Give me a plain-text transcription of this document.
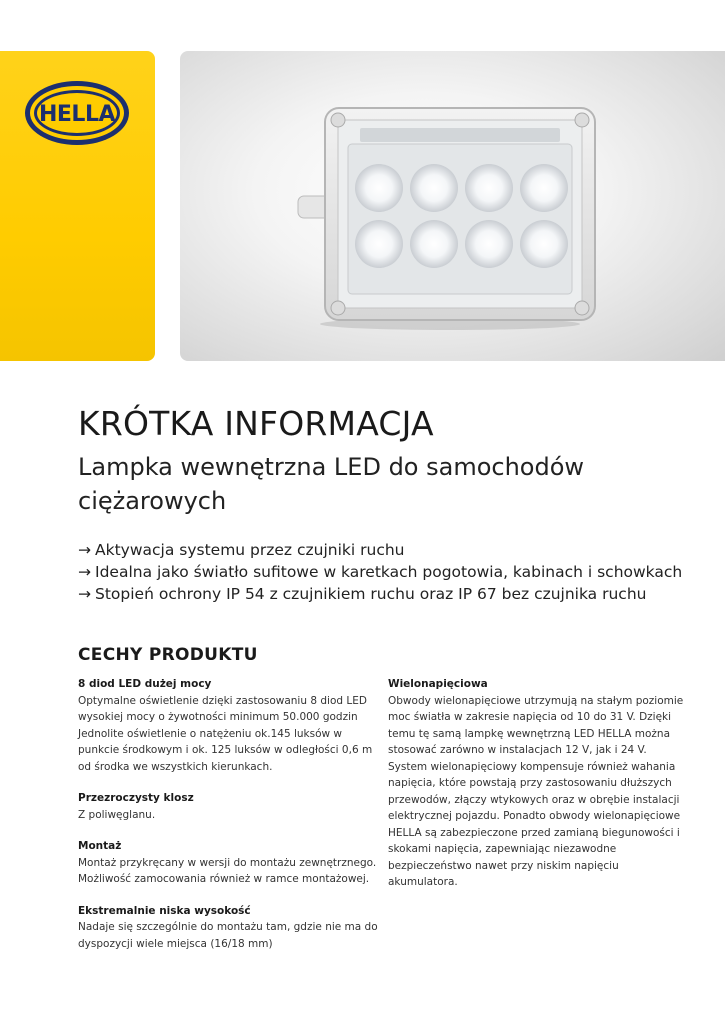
HELLA
KRÓTKA INFORMACJA
Lampka wewnętrzna LED do samochodów ciężarowych
→ Aktywacja systemu przez czujniki ruchu
→ Idealna jako światło sufitowe w karetkach pogotowia, kabinach i schowkach
→ Stopień ochrony IP 54 z czujnikiem ruchu oraz IP 67 bez czujnika ruchu
CECHY PRODUKTU
8 diod LED dużej mocy

Optymalne oświetlenie dzięki zastosowaniu 8 diod LED wysokiej mocy o żywotności minimum 50.000 godzin Jednolite oświetlenie o natężeniu ok.145 luksów w punkcie środkowym i ok. 125 luksów w odległości 0,6 m od środka we wszystkich kierunkach.

Przezroczysty klosz

Z poliwęglanu.

Montaż

Montaż przykręcany w wersji do montażu zewnętrznego. Możliwość zamocowania również w ramce montażowej.

Ekstremalnie niska wysokość

Nadaje się szczególnie do montażu tam, gdzie nie ma do dyspozycji wiele miejsca (16/18 mm)

Wielonapięciowa

Obwody wielonapięciowe utrzymują na stałym poziomie moc światła w zakresie napięcia od 10 do 31 V. Dzięki temu tę samą lampkę wewnętrzną LED HELLA można stosować zarówno w instalacjach 12 V, jak i 24 V. System wielonapięciowy kompensuje również wahania napięcia, które powstają przy zastosowaniu dłuższych przewodów, złączy wtykowych oraz w obrębie instalacji elektrycznej pojazdu. Ponadto obwody wielonapięciowe HELLA są zabezpieczone przed zamianą biegunowości i skokami napięcia, zapewniając niezawodne bezpieczeństwo nawet przy niskim napięciu akumulatora.
